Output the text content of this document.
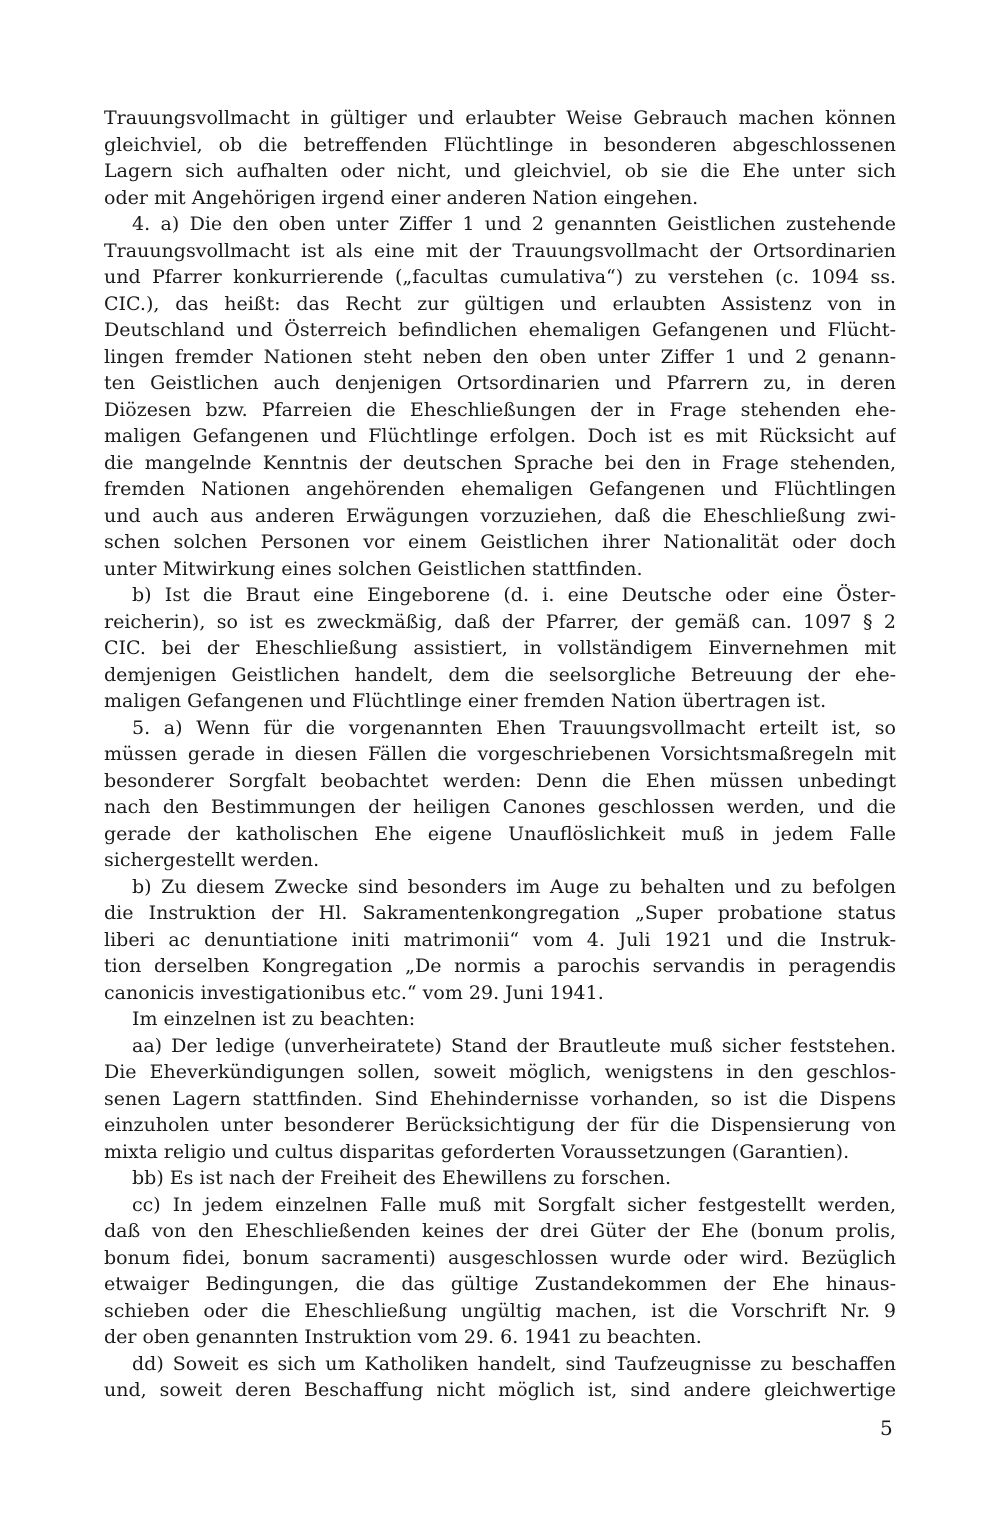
Trauungsvollmacht in gültiger und erlaubter Weise Gebrauch machen können
gleichviel, ob die betreffenden Flüchtlinge in besonderen abgeschlossenen
Lagern sich aufhalten oder nicht, und gleichviel, ob sie die Ehe unter sich
oder mit Angehörigen irgend einer anderen Nation eingehen.
4. a) Die den oben unter Ziffer 1 und 2 genannten Geistlichen zustehende
Trauungsvollmacht ist als eine mit der Trauungsvollmacht der Ortsordinarien
und Pfarrer konkurrierende („facultas cumulativa“) zu verstehen (c. 1094 ss.
CIC.), das heißt: das Recht zur gültigen und erlaubten Assistenz von in
Deutschland und Österreich befindlichen ehemaligen Gefangenen und Flücht-
lingen fremder Nationen steht neben den oben unter Ziffer 1 und 2 genann-
ten Geistlichen auch denjenigen Ortsordinarien und Pfarrern zu, in deren
Diözesen bzw. Pfarreien die Eheschließungen der in Frage stehenden ehe-
maligen Gefangenen und Flüchtlinge erfolgen. Doch ist es mit Rücksicht auf
die mangelnde Kenntnis der deutschen Sprache bei den in Frage stehenden,
fremden Nationen angehörenden ehemaligen Gefangenen und Flüchtlingen
und auch aus anderen Erwägungen vorzuziehen, daß die Eheschließung zwi-
schen solchen Personen vor einem Geistlichen ihrer Nationalität oder doch
unter Mitwirkung eines solchen Geistlichen stattfinden.
b) Ist die Braut eine Eingeborene (d. i. eine Deutsche oder eine Öster-
reicherin), so ist es zweckmäßig, daß der Pfarrer, der gemäß can. 1097 § 2
CIC. bei der Eheschließung assistiert, in vollständigem Einvernehmen mit
demjenigen Geistlichen handelt, dem die seelsorgliche Betreuung der ehe-
maligen Gefangenen und Flüchtlinge einer fremden Nation übertragen ist.
5. a) Wenn für die vorgenannten Ehen Trauungsvollmacht erteilt ist, so
müssen gerade in diesen Fällen die vorgeschriebenen Vorsichtsmaßregeln mit
besonderer Sorgfalt beobachtet werden: Denn die Ehen müssen unbedingt
nach den Bestimmungen der heiligen Canones geschlossen werden, und die
gerade der katholischen Ehe eigene Unauflöslichkeit muß in jedem Falle
sichergestellt werden.
b) Zu diesem Zwecke sind besonders im Auge zu behalten und zu befolgen
die Instruktion der Hl. Sakramentenkongregation „Super probatione status
liberi ac denuntiatione initi matrimonii“ vom 4. Juli 1921 und die Instruk-
tion derselben Kongregation „De normis a parochis servandis in peragendis
canonicis investigationibus etc.“ vom 29. Juni 1941.
Im einzelnen ist zu beachten:
aa) Der ledige (unverheiratete) Stand der Brautleute muß sicher feststehen.
Die Eheverkündigungen sollen, soweit möglich, wenigstens in den geschlos-
senen Lagern stattfinden. Sind Ehehindernisse vorhanden, so ist die Dispens
einzuholen unter besonderer Berücksichtigung der für die Dispensierung von
mixta religio und cultus disparitas geforderten Voraussetzungen (Garantien).
bb) Es ist nach der Freiheit des Ehewillens zu forschen.
cc) In jedem einzelnen Falle muß mit Sorgfalt sicher festgestellt werden,
daß von den Eheschließenden keines der drei Güter der Ehe (bonum prolis,
bonum fidei, bonum sacramenti) ausgeschlossen wurde oder wird. Bezüglich
etwaiger Bedingungen, die das gültige Zustandekommen der Ehe hinaus-
schieben oder die Eheschließung ungültig machen, ist die Vorschrift Nr. 9
der oben genannten Instruktion vom 29. 6. 1941 zu beachten.
dd) Soweit es sich um Katholiken handelt, sind Taufzeugnisse zu beschaffen
und, soweit deren Beschaffung nicht möglich ist, sind andere gleichwertige
5
